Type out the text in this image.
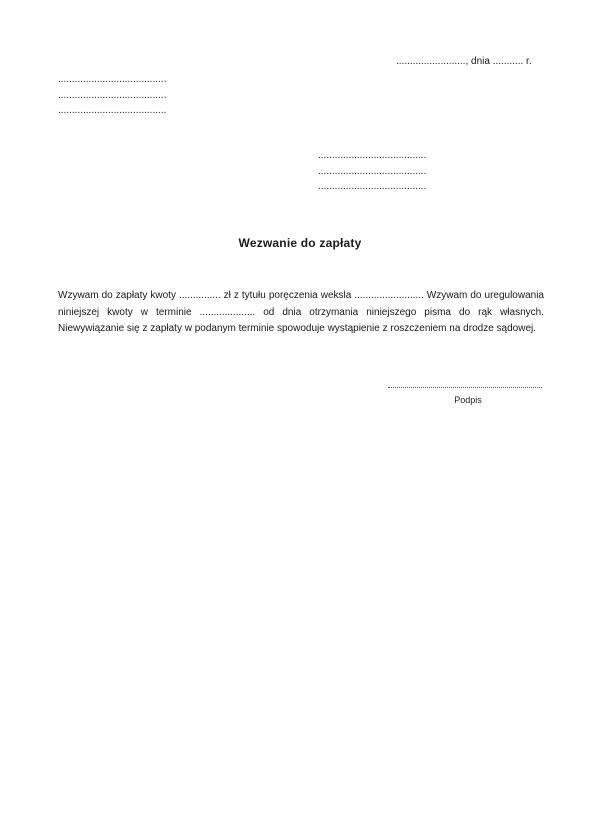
........................., dnia ........... r.
.......................................
.......................................
.......................................
.......................................
.......................................
.......................................
Wezwanie do zapłaty
Wzywam do zapłaty kwoty ............... zł z tytułu poręczenia weksla ......................... Wzywam do uregulowania niniejszej kwoty w terminie .................... od dnia otrzymania niniejszego pisma do rąk własnych. Niewywiązanie się z zapłaty w podanym terminie spowoduje wystąpienie z roszczeniem na drodze sądowej.
Podpis
